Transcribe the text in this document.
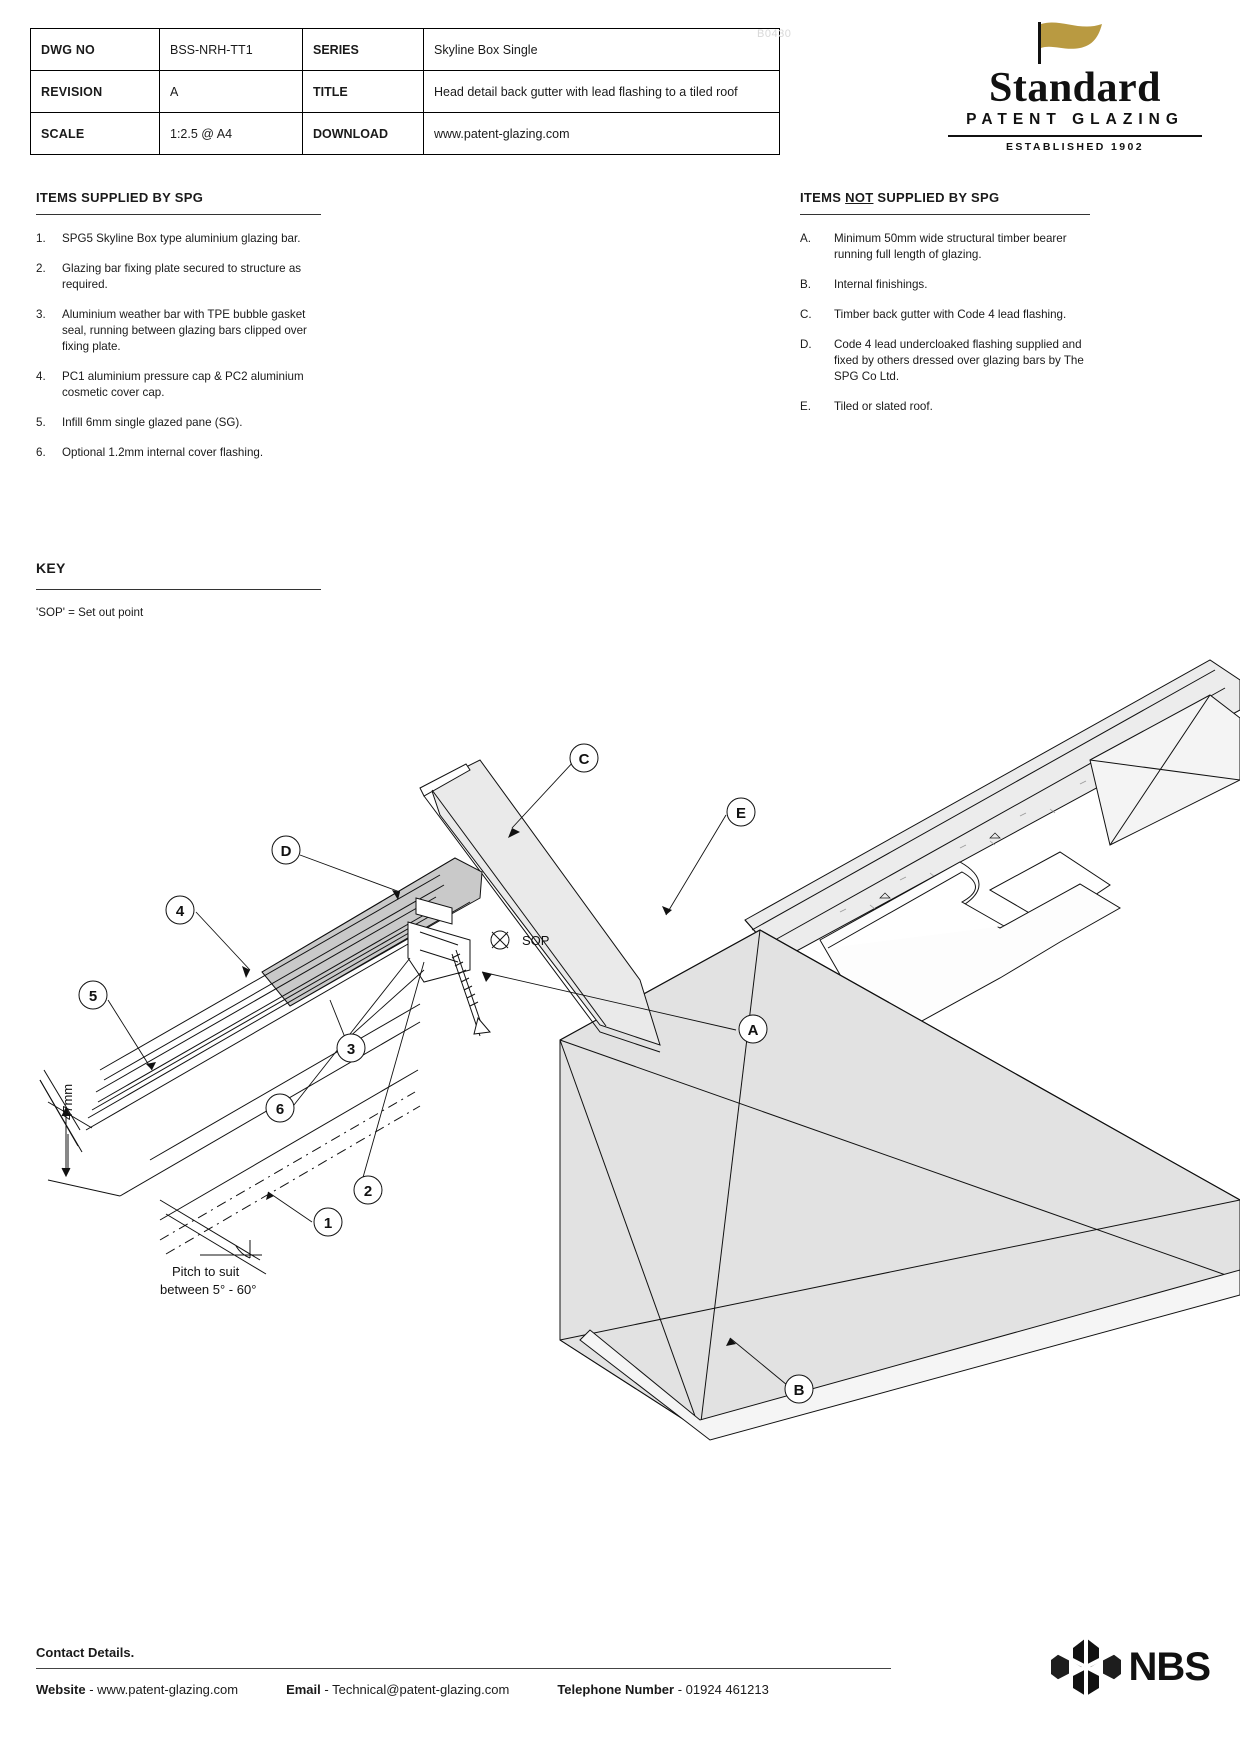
DWG NO	BSS-NRH-TT1	SERIES	Skyline Box Single
REVISION	A	TITLE	Head detail back gutter with lead flashing to a tiled roof
SCALE	1:2.5 @ A4	DOWNLOAD	www.patent-glazing.com
B0430
Standard
PATENT GLAZING
ESTABLISHED 1902
ITEMS SUPPLIED BY SPG
1.	SPG5 Skyline Box type aluminium glazing bar.
2.	Glazing bar fixing plate secured to structure as required.
3.	Aluminium weather bar with TPE bubble gasket seal, running between glazing bars clipped over fixing plate.
4.	PC1 aluminium pressure cap & PC2 aluminium cosmetic cover cap.
5.	Infill 6mm single glazed pane (SG).
6.	Optional 1.2mm internal cover flashing.
ITEMS NOT SUPPLIED BY SPG
A.	Minimum 50mm wide structural timber bearer running full length of glazing.
B.	Internal finishings.
C.	Timber back gutter with Code 4 lead flashing.
D.	Code 4 lead undercloaked flashing supplied and fixed by others dressed over glazing bars by The SPG Co Ltd.
E.	Tiled or slated roof.
KEY
'SOP' = Set out point
4
5
3
6
2
1
C
D
E
A
B
SOP
47mm
Pitch to suit
between 5° - 60°
Contact Details.
Website - www.patent-glazing.com	Email - Technical@patent-glazing.com	Telephone Number - 01924 461213
NBS
